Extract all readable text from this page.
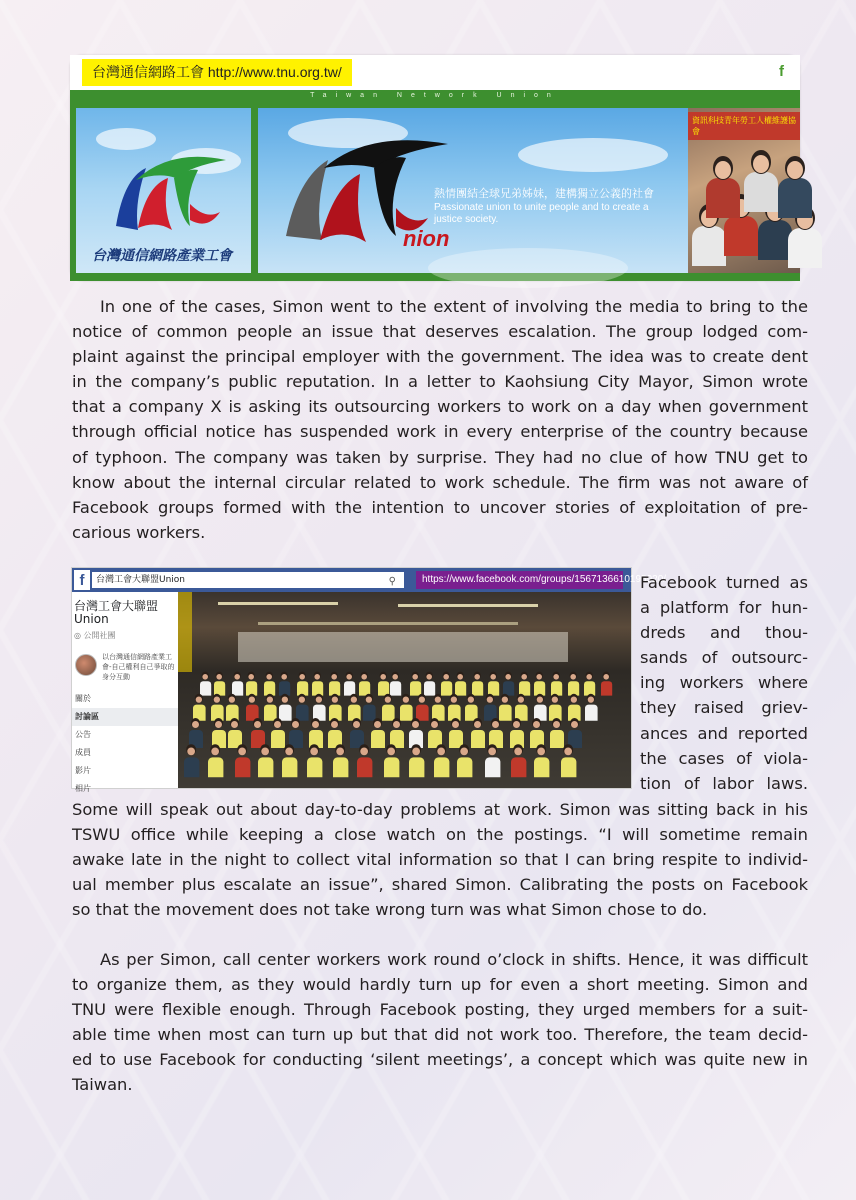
台灣通信網路工會 http://www.tnu.org.tw/	f
Taiwan Network Union
台灣通信網路產業工會
nion
熱情團結全球兄弟姊妹，建構獨立公義的社會
Passionate union to unite people and to create a justice society.
資訊科技青年勞工人權維護協會
In one of the cases, Simon went to the extent of involving the media to bring to the
notice of common people an issue that deserves escalation. The group lodged com-
plaint against the principal employer with the government. The idea was to create dent
in the company’s public reputation. In a letter to Kaohsiung City Mayor, Simon wrote
that a company X is asking its outsourcing workers to work on a day when government
through official notice has suspended work in every enterprise of the country because
of typhoon. The company was taken by surprise. They had no clue of how TNU get to
know about the internal circular related to work schedule. The firm was not aware of
Facebook groups formed with the intention to uncover stories of exploitation of pre-
carious workers.
f	台灣工會大聯盟Union	⚲	https://www.facebook.com/groups/1567136610195920/
台灣工會大聯盟
Union
◎ 公開社團
以台灣通信網路產業工會-自己權利自己爭取的身分互動
關於
討論區
公告
成員
影片
相片
Facebook turned as
a platform for hun-
dreds and thou-
sands of outsourc-
ing workers where
they raised griev-
ances and reported
the cases of viola-
tion of labor laws.
Some will speak out about day-to-day problems at work. Simon was sitting back in his
TSWU office while keeping a close watch on the postings. “I will sometime remain
awake late in the night to collect vital information so that I can bring respite to individ-
ual member plus escalate an issue”, shared Simon. Calibrating the posts on Facebook
so that the movement does not take wrong turn was what Simon chose to do.
As per Simon, call center workers work round o’clock in shifts. Hence, it was difficult
to organize them, as they would hardly turn up for even a short meeting. Simon and
TNU were flexible enough. Through Facebook posting, they urged members for a suit-
able time when most can turn up but that did not work too. Therefore, the team decid-
ed to use Facebook for conducting ‘silent meetings’, a concept which was quite new in
Taiwan.
